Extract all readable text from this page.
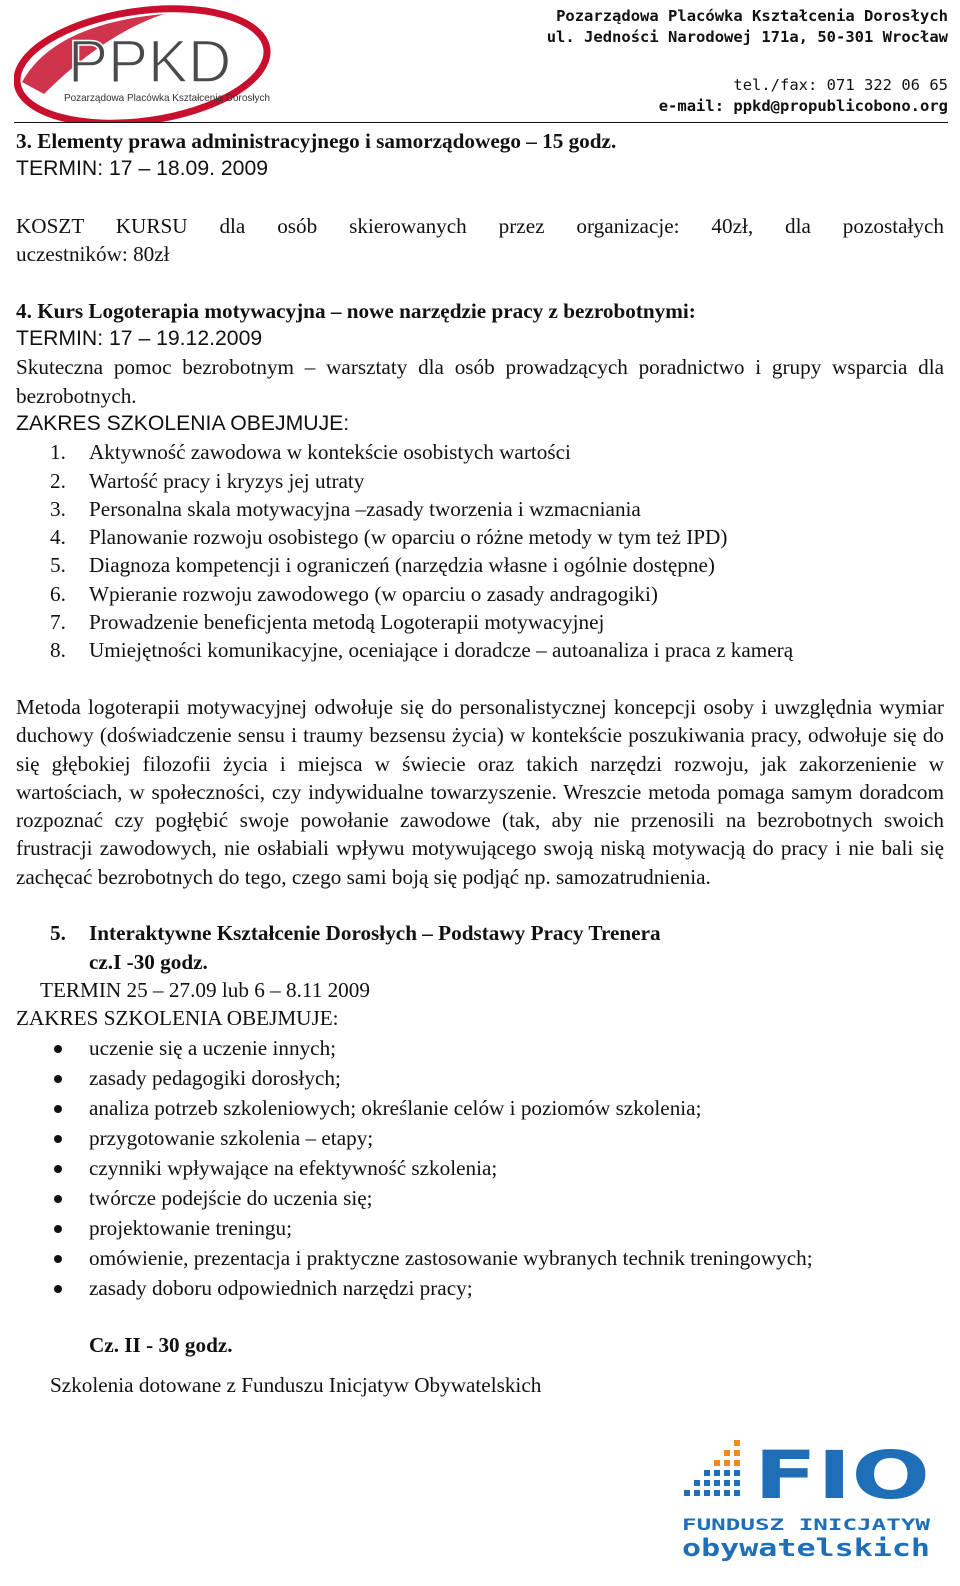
PPKD
Pozarządowa Placówka Kształcenia Dorosłych
Pozarządowa Placówka Kształcenia Dorosłych
ul. Jedności Narodowej 171a, 50-301 Wrocław
tel./fax: 071 322 06 65
e-mail: ppkd@propublicobono.org

3. Elementy prawa administracyjnego i samorządowego – 15 godz.

TERMIN: 17 – 18.09. 2009

KOSZT KURSU dla osób skierowanych przez organizacje: 40zł, dla pozostałych

uczestników: 80zł

4. Kurs Logoterapia motywacyjna – nowe narzędzie pracy z bezrobotnymi:

TERMIN: 17 – 19.12.2009

Skuteczna pomoc bezrobotnym – warsztaty dla osób prowadzących poradnictwo i grupy wsparcia dla bezrobotnych.

ZAKRES SZKOLENIA OBEJMUJE:

1. Aktywność zawodowa w kontekście osobistych wartości
2. Wartość pracy i kryzys jej utraty
3. Personalna skala motywacyjna –zasady tworzenia i wzmacniania
4. Planowanie rozwoju osobistego (w oparciu o różne metody w tym też IPD)
5. Diagnoza kompetencji i ograniczeń (narzędzia własne i ogólnie dostępne)
6. Wpieranie rozwoju zawodowego (w oparciu o zasady andragogiki)
7. Prowadzenie beneficjenta metodą Logoterapii motywacyjnej
8. Umiejętności komunikacyjne, oceniające i doradcze – autoanaliza i praca z kamerą

Metoda logoterapii motywacyjnej odwołuje się do personalistycznej koncepcji osoby i uwzględnia wymiar duchowy (doświadczenie sensu i traumy bezsensu życia) w kontekście poszukiwania pracy, odwołuje się do się głębokiej filozofii życia i miejsca w świecie oraz takich narzędzi rozwoju, jak zakorzenienie w wartościach, w społeczności, czy indywidualne towarzyszenie. Wreszcie metoda pomaga samym doradcom rozpoznać czy pogłębić swoje powołanie zawodowe (tak, aby nie przenosili na bezrobotnych swoich frustracji zawodowych, nie osłabiali wpływu motywującego swoją niską motywacją do pracy i nie bali się zachęcać bezrobotnych do tego, czego sami boją się podjąć np. samozatrudnienia.

5. Interaktywne Kształcenie Dorosłych – Podstawy Pracy Trenera
cz.I -30 godz.

TERMIN 25 – 27.09 lub 6 – 8.11 2009

ZAKRES SZKOLENIA OBEJMUJE:

uczenie się a uczenie innych;
zasady pedagogiki dorosłych;
analiza potrzeb szkoleniowych; określanie celów i poziomów szkolenia;
przygotowanie szkolenia – etapy;
czynniki wpływające na efektywność szkolenia;
twórcze podejście do uczenia się;
projektowanie treningu;
omówienie, prezentacja i praktyczne zastosowanie wybranych technik treningowych;
zasady doboru odpowiednich narzędzi pracy;
Cz. II - 30 godz.

Szkolenia dotowane z Funduszu Inicjatyw Obywatelskich

FIO
FUNDUSZ INICJATYW
obywatelskich
